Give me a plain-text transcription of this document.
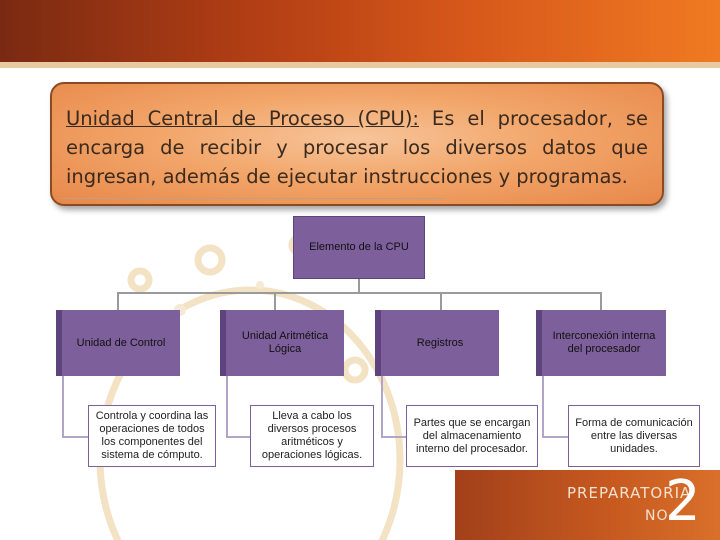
Unidad Central de Proceso (CPU): Es el procesador, se encarga de recibir y procesar los diversos datos que ingresan, además de ejecutar instrucciones y programas.

Elemento de la CPU
Unidad de Control
Unidad Aritmética Lógica
Registros
Interconexión interna del procesador
Controla y coordina las operaciones de todos los componentes del sistema de cómputo.
Lleva a cabo los diversos procesos aritméticos y operaciones lógicas.
Partes que se encargan del almacenamiento interno del procesador.
Forma de comunicación entre las diversas unidades.
PREPARATORIA
NO.
2
